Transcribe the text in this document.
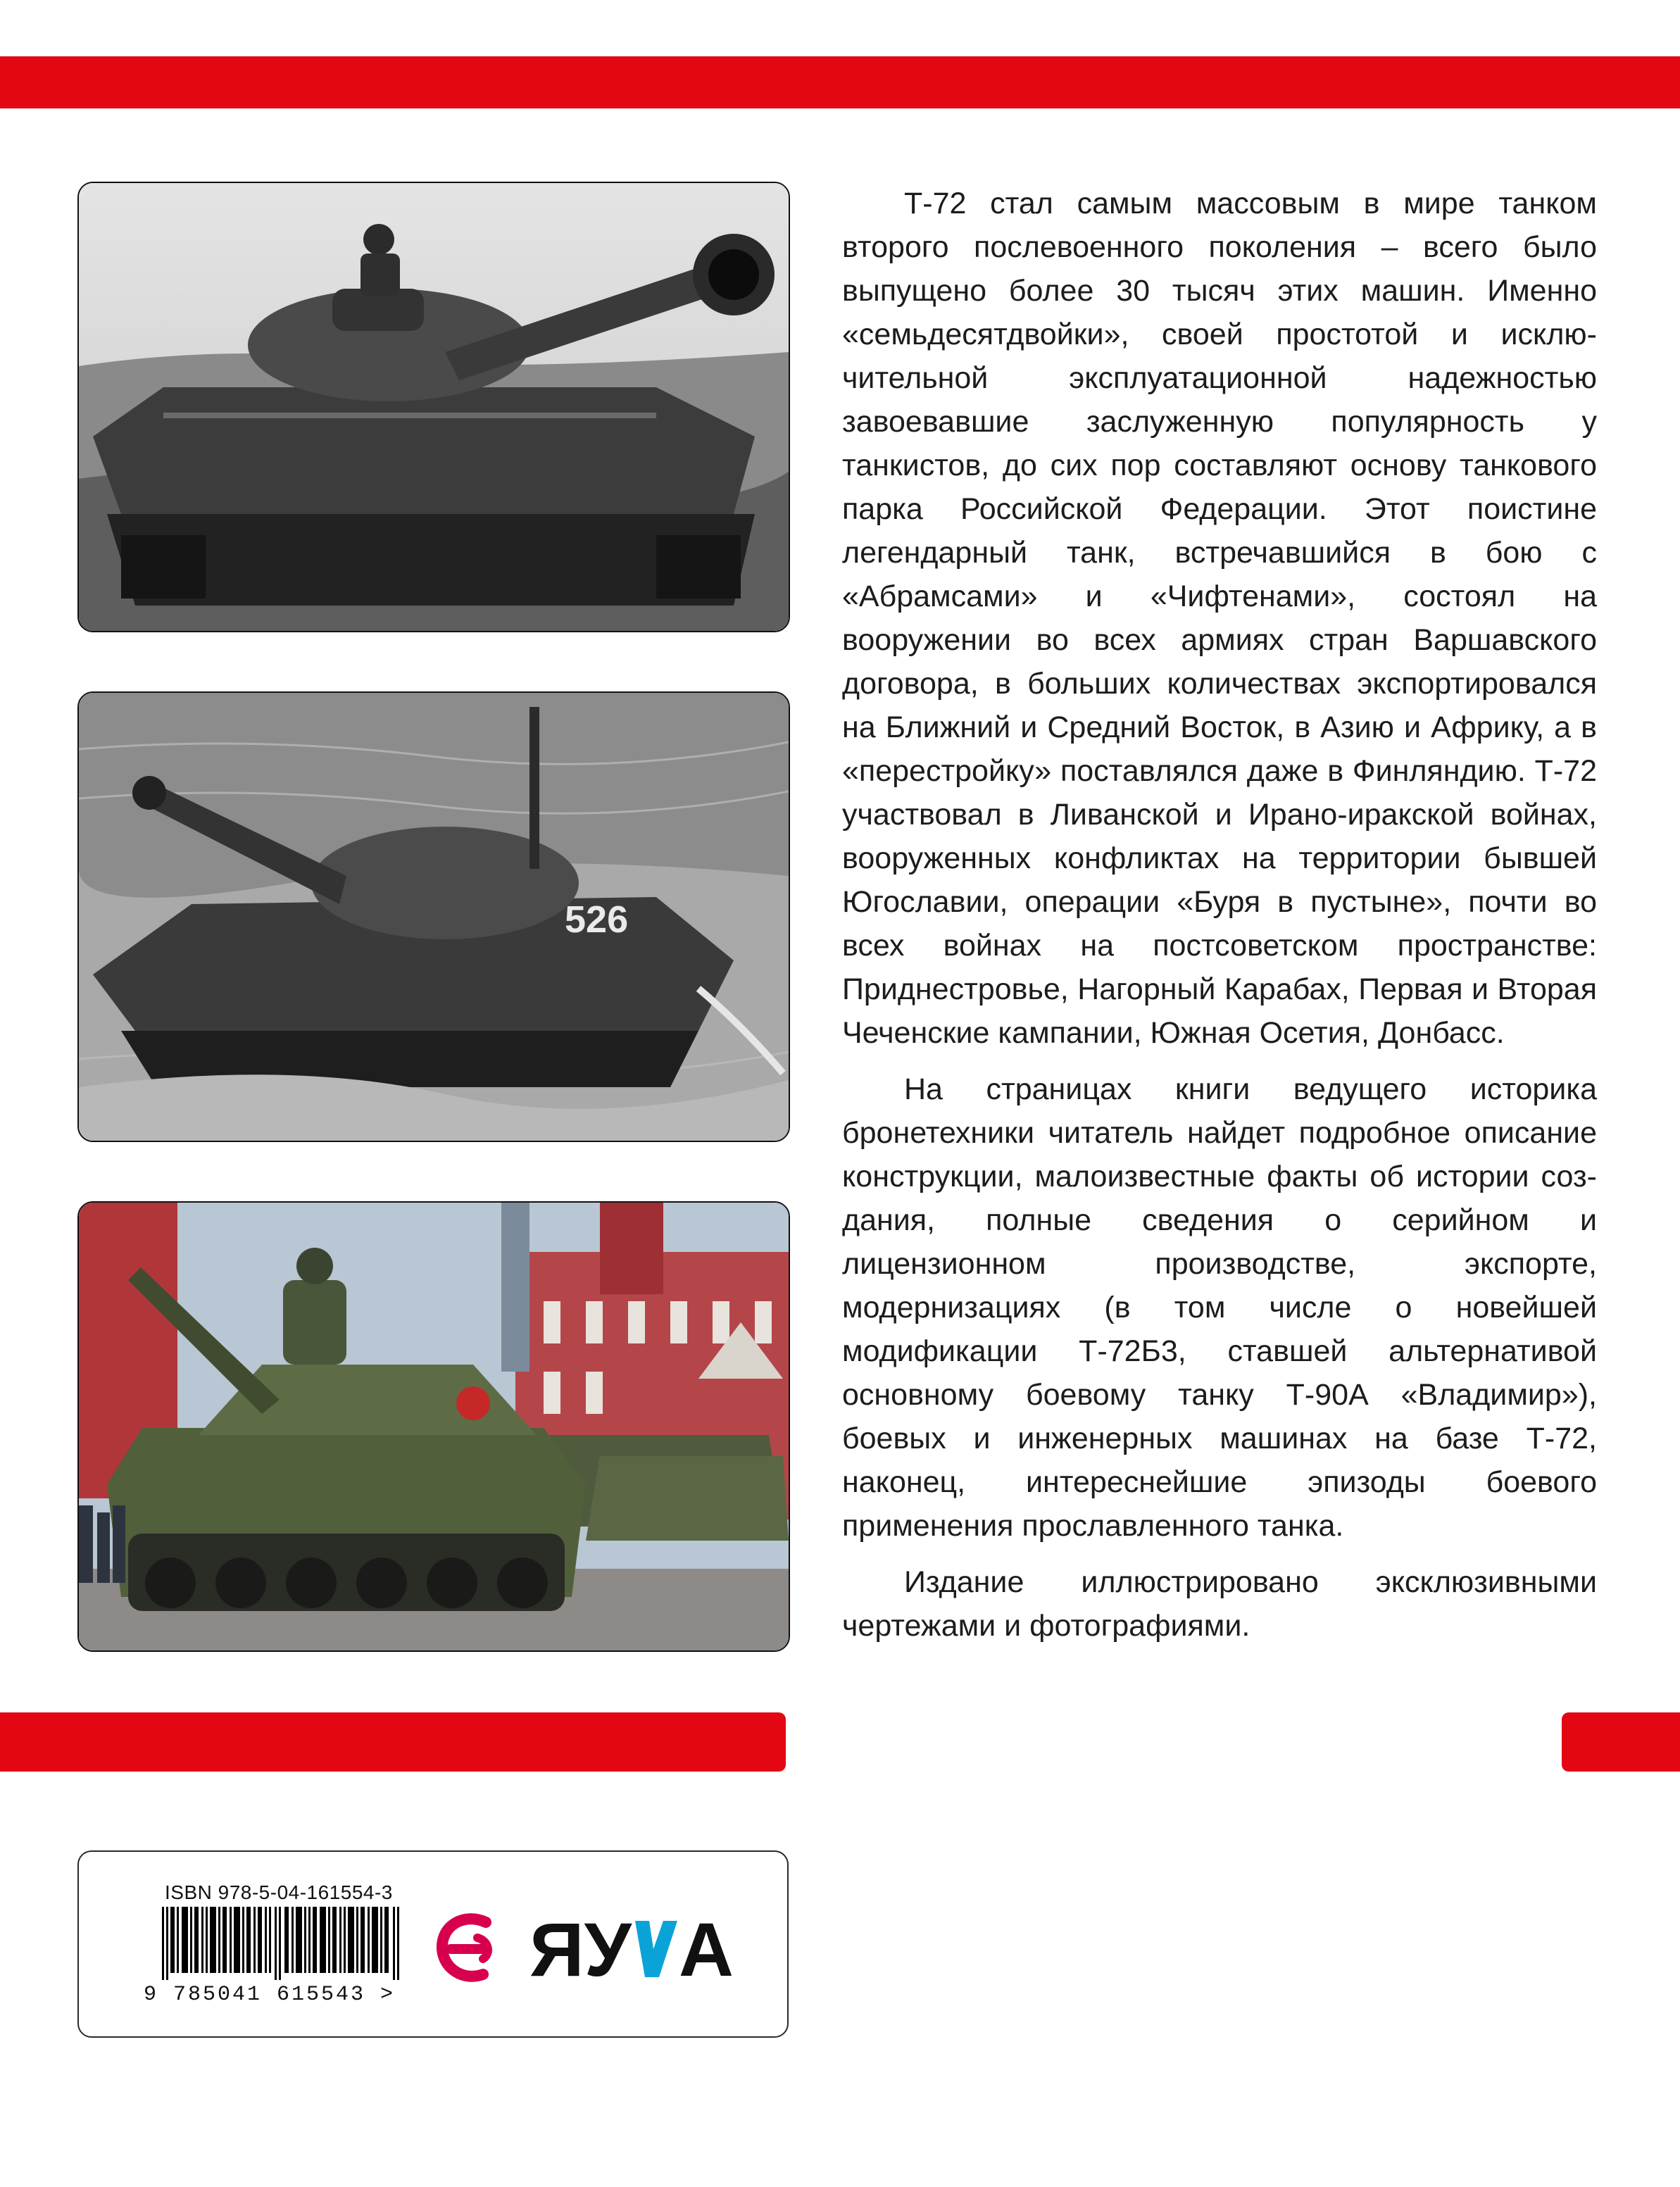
526

Т-72 стал самым массовым в мире танком второго послевоенного поколения – всего было выпущено более 30 тысяч этих машин. Именно «семьдесятдвойки», своей простотой и исключительной эксплуатационной надежностью завоевавшие заслуженную популярность у танкистов, до сих пор составляют основу танкового парка Российской Федерации. Этот поистине легендарный танк, встречавшийся в бою с «Абрамсами» и «Чифтенами», состоял на вооружении во всех армиях стран Варшавского договора, в больших количествах экспортировался на Ближний и Средний Восток, в Азию и Африку, а в «перестройку» поставлялся даже в Финляндию. Т-72 участвовал в Ливанской и Ирано-иракской войнах, вооруженных конфликтах на территории бывшей Югославии, операции «Буря в пустыне», почти во всех войнах на постсоветском пространстве: Приднестровье, Нагорный Карабах, Первая и Вторая Чеченские кампании, Южная Осетия, Донбасс.

На страницах книги ведущего историка бронетехники читатель найдет подробное описание конструкции, малоизвестные факты об истории создания, полные сведения о серийном и лицензионном производстве, экспорте, модернизациях (в том числе о новейшей модификации Т-72Б3, ставшей альтернативой основному боевому танку Т-90А «Владимир»), боевых и инженерных машинах на базе Т-72, наконец, интереснейшие эпизоды боевого применения прославленного танка.

Издание иллюстрировано эксклюзивными чертежами и фотографиями.

ISBN 978-5-04-161554-3
9 785041 615543 >
ЯУ А
